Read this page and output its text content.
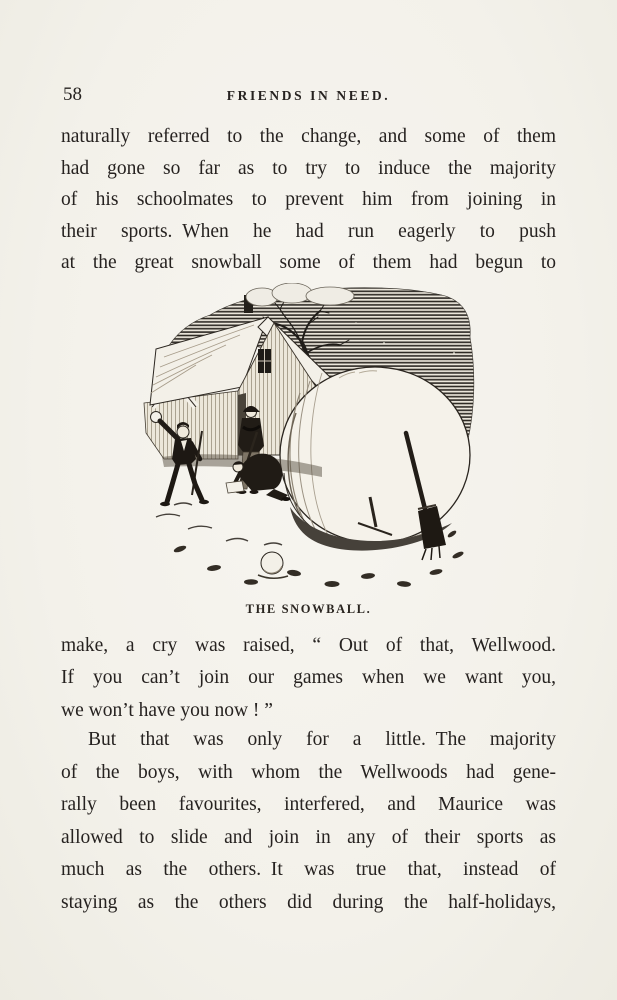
58	FRIENDS IN NEED.
naturally referred to the change, and some of them
had gone so far as to try to induce the majority
of his schoolmates to prevent him from joining in
their sports. When he had run eagerly to push
at the great snowball some of them had begun to
THE SNOWBALL.
make, a cry was raised, “ Out of that, Wellwood.
If you can’t join our games when we want you,
we won’t have you now ! ”
But that was only for a little. The majority
of the boys, with whom the Wellwoods had gene-
rally been favourites, interfered, and Maurice was
allowed to slide and join in any of their sports as
much as the others. It was true that, instead of
staying as the others did during the half-holidays,
